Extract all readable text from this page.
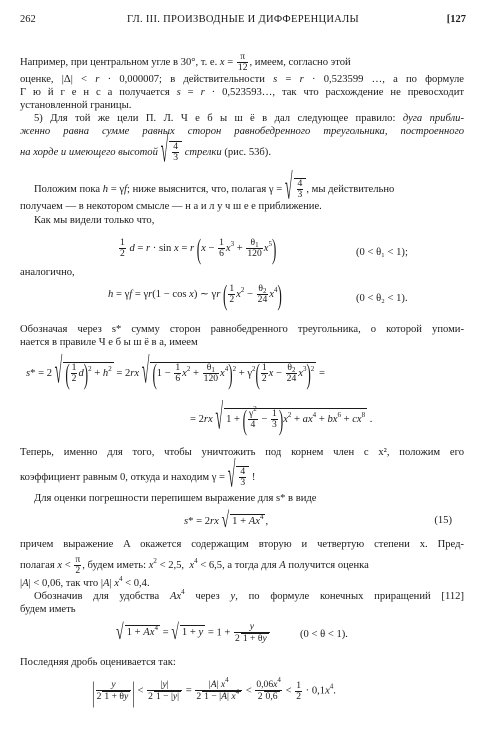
262	ГЛ. III. ПРОИЗВОДНЫЕ И ДИФФЕРЕНЦИАЛЫ	[127
Например, при центральном угле в 30°, т. е. $x = \frac{\pi}{12}$ , имеем, согласно этой
оценке, |Δ| < r · 0,000007; в действительности s = r · 0,523599 …, а по формуле
Г ю й г е н с а получается s = r · 0,523593…, так что расхождение не превосходит
установленной границы.
5) Для той же цели П. Л. Ч е б ы ш ё в дал следующее правило: дуга прибли-
женно равна сумме равных сторон равнобедренного треугольника, построенного
на хорде и имеющего высотой √ $\frac{4}{3}$ стрелки (рис. 53б).
Положим пока h = γf; ниже выяснится, что, полагая γ = √ $\frac{4}{3}$ , мы действительно
получаем — в некотором смысле — н а и л у ч ш е е приближение.
Как мы видели только что,
$\frac{1}{2}$ d = r · sin x = r $(x - \frac{1}{6} x^3 + \frac{\theta_1}{120} x^5)$	(0 < θ₁ < 1);
аналогично,
h = γf = γr(1 − cos x) ∼ γr ( $\frac{1}{2} x^2 - \frac{\theta_2}{24} x^4$)	(0 < θ₂ < 1).
Обозначая через s* сумму сторон равнобедренного треугольника, о которой упоми-
нается в правиле Ч е б ы ш ё в а, имеем
s* = 2 √ ( $\frac{1}{2} d)^2 + h^2 = 2rx$ √ $(1 - \frac{1}{6} x^2 + \frac{\theta_1}{120} x^4)^2 + \gamma^2( \frac{1}{2}$ $x - \frac{\theta_2}{24} x^3)^2$ =
= 2rx √ 1 + ( $\frac{\gamma^2}{4} - \frac{1}{3} )x^2 + ax^4 + bx^6 + cx^8$ .
Теперь, именно для того, чтобы уничтожить под корнем член с x², положим его
коэффициент равным 0, откуда и находим γ = √ $\frac{4}{3}$ !
Для оценки погрешности перепишем выражение для s* в виде
s* = 2rx √ $1 + Ax^4$ ,	(15)
причем выражение A окажется содержащим вторую и четвертую степени x. Пред-
полагая $x < \frac{\pi}{2}$ , будем иметь: $x^2 < 2,5$,  $x^4 < 6,5$, а тогда для A получится оценка
|A| < 0,06, так что |A| $x^4 < 0,4$.
Обозначив для удобства Ax$^4$ через y, по формуле конечных приращений [112]
будем иметь
√ $1 + Ax^4$ = √ $1 + y = 1 + \frac{y}{2 1 + \theta y}$	(0 < θ < 1).
Последняя дробь оценивается так:
| $\frac{y}{2 1 + \theta y}$ | < $\frac{|y|}{2 1 - |y|} = \frac{|A| x^4}{2 1 - |A| x^4} < \frac{0,06x^4}{2 0,6} < \frac{1}{2} \cdot 0,1x^4$.
